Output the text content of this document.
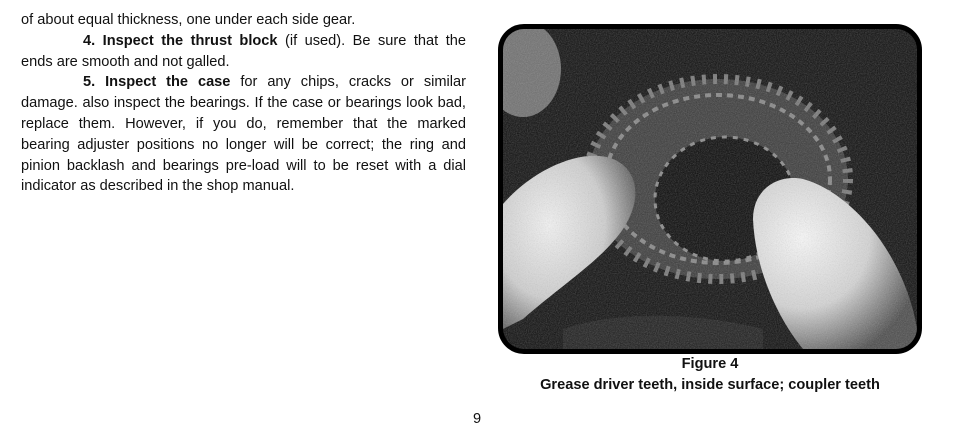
of about equal thickness, one under each side gear.

4. Inspect the thrust block (if used). Be sure that the ends are smooth and not galled.

5. Inspect the case for any chips, cracks or similar damage. also inspect the bearings. If the case or bearings look bad, replace them. However, if you do, remember that the marked bearing adjuster positions no longer will be correct; the ring and pinion backlash and bearings pre-load will to be reset with a dial indicator as described in the shop manual.

Figure 4
Grease driver teeth, inside surface; coupler teeth
9
